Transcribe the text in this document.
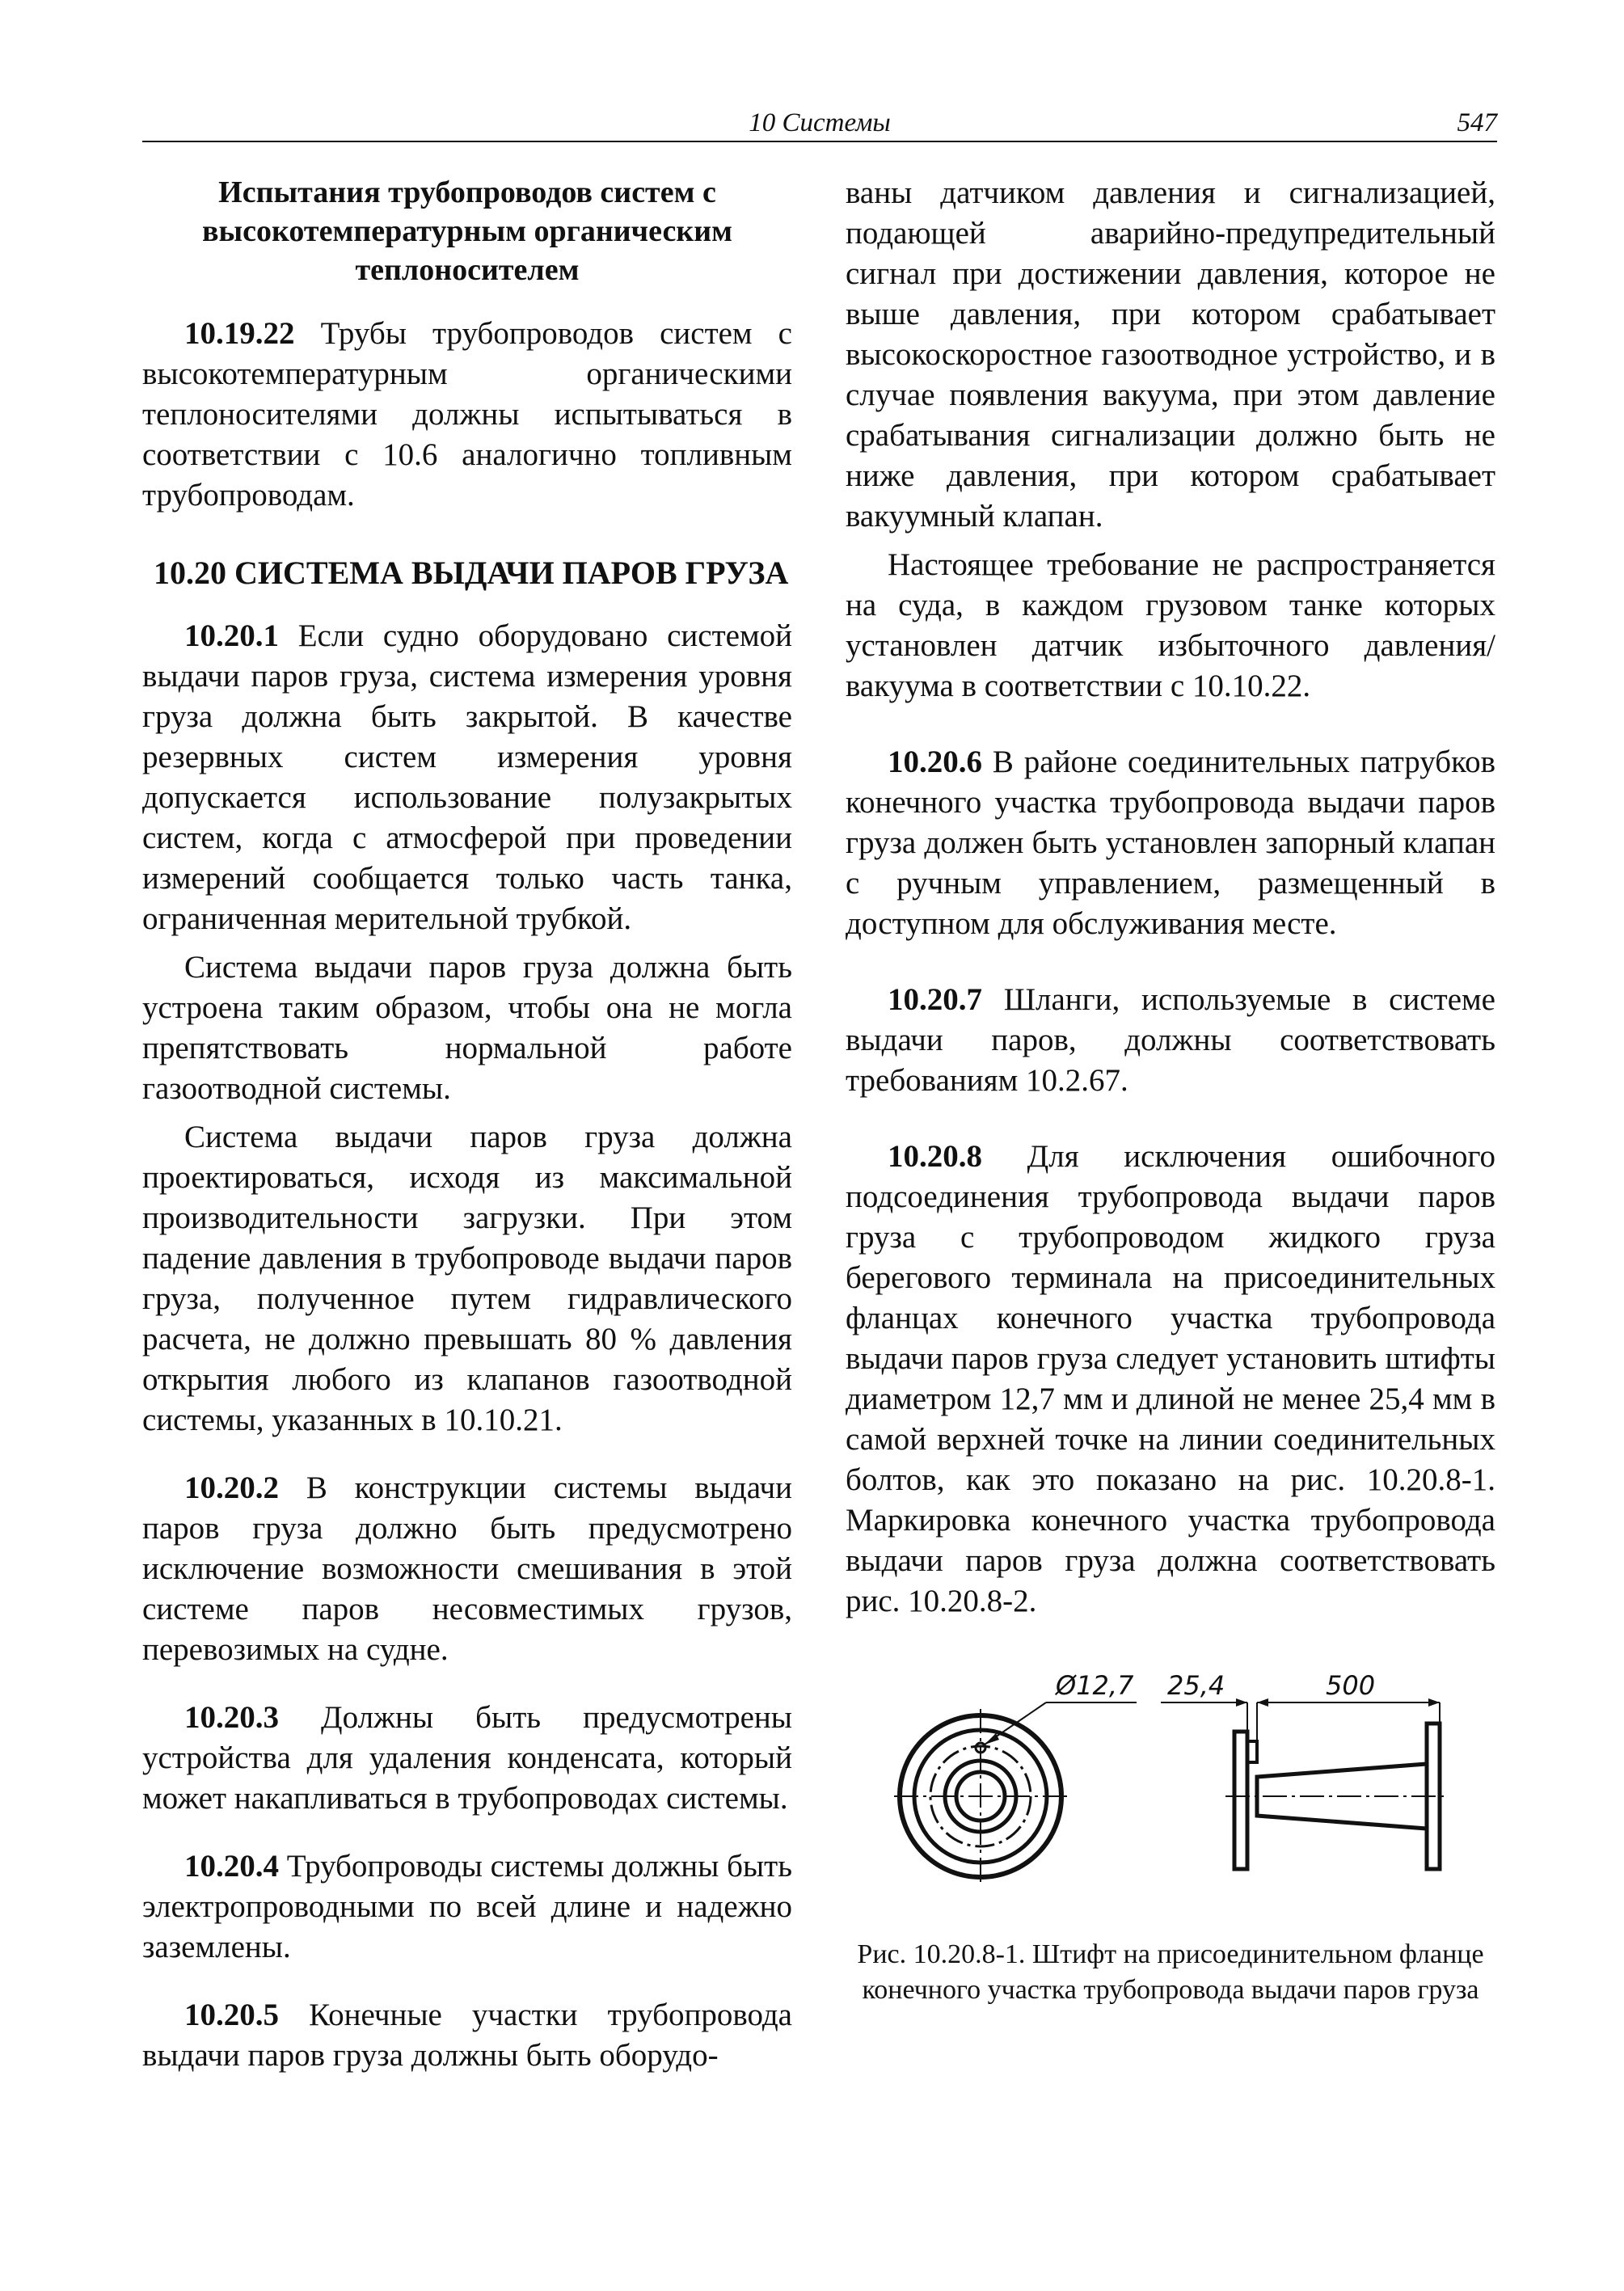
10 Системы	547
Испытания трубопроводов систем с высокотемпературным органическим теплоносителем

10.19.22 Трубы трубопроводов систем с высокотемпературным органическими теплоносителями должны испытываться в соответствии с 10.6 аналогично топливным трубопроводам.

10.20 СИСТЕМА ВЫДАЧИ ПАРОВ ГРУЗА

10.20.1 Если судно оборудовано системой выдачи паров груза, система измерения уровня груза должна быть закрытой. В качестве резервных систем измерения уровня допускается использование полузакрытых систем, когда с атмосферой при проведении измерений сообщается только часть танка, ограниченная мерительной трубкой.

Система выдачи паров груза должна быть устроена таким образом, чтобы она не могла препятствовать нормальной работе газоотводной системы.

Система выдачи паров груза должна проектироваться, исходя из максимальной производительности загрузки. При этом падение давления в трубопроводе выдачи паров груза, полученное путем гидравлического расчета, не должно превышать 80 % давления открытия любого из клапанов газоотводной системы, указанных в 10.10.21.

10.20.2 В конструкции системы выдачи паров груза должно быть предусмотрено исключение возможности смешивания в этой системе паров несовместимых грузов, перевозимых на судне.

10.20.3 Должны быть предусмотрены устройства для удаления конденсата, который может накапливаться в трубопроводах системы.

10.20.4 Трубопроводы системы должны быть электропроводными по всей длине и надежно заземлены.

10.20.5 Конечные участки трубопровода выдачи паров груза должны быть оборудо-

ваны датчиком давления и сигнализацией, подающей аварийно-предупредительный сигнал при достижении давления, которое не выше давления, при котором срабатывает высокоскоростное газоотводное устройство, и в случае появления вакуума, при этом давление срабатывания сигнализации должно быть не ниже давления, при котором срабатывает вакуумный клапан.

Настоящее требование не распространяется на суда, в каждом грузовом танке которых установлен датчик избыточного давления/вакуума в соответствии с 10.10.22.

10.20.6 В районе соединительных патрубков конечного участка трубопровода выдачи паров груза должен быть установлен запорный клапан с ручным управлением, размещенный в доступном для обслуживания месте.

10.20.7 Шланги, используемые в системе выдачи паров, должны соответствовать требованиям 10.2.67.

10.20.8 Для исключения ошибочного подсоединения трубопровода выдачи паров груза с трубопроводом жидкого груза берегового терминала на присоединительных фланцах конечного участка трубопровода выдачи паров груза следует установить штифты диаметром 12,7 мм и длиной не менее 25,4 мм в самой верхней точке на линии соединительных болтов, как это показано на рис. 10.20.8-1. Маркировка конечного участка трубопровода выдачи паров груза должна соответствовать рис. 10.20.8-2.

Ø12,7 25,4	500
Рис. 10.20.8-1. Штифт на присоединительном фланце конечного участка трубопровода выдачи паров груза
